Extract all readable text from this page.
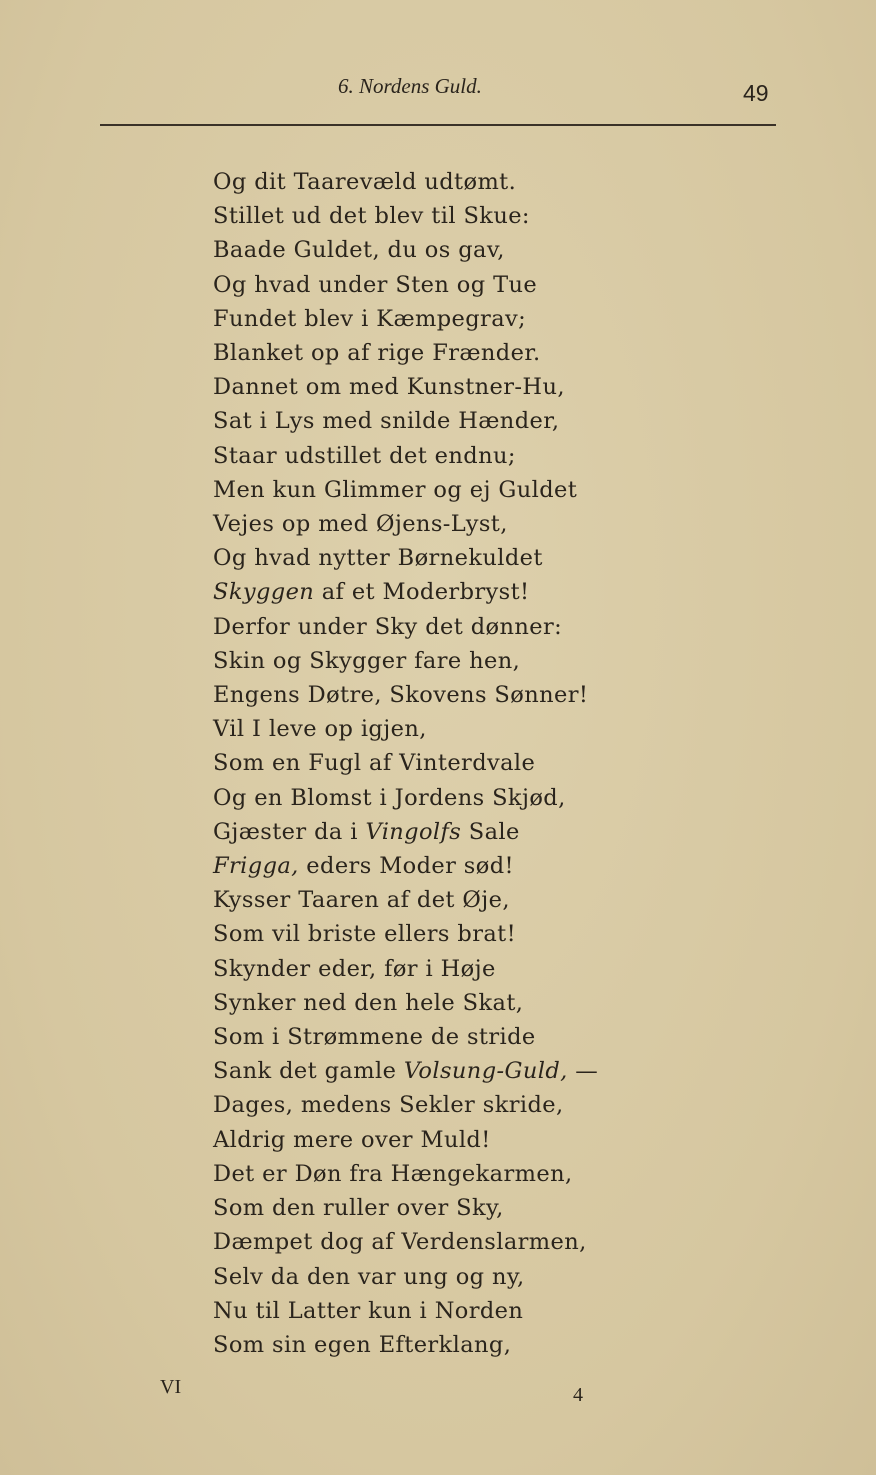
6. Nordens Guld.	49
Og dit Taarevæld udtømt.
Stillet ud det blev til Skue:
Baade Guldet, du os gav,
Og hvad under Sten og Tue
Fundet blev i Kæmpegrav;
Blanket op af rige Frænder.
Dannet om med Kunstner-Hu,
Sat i Lys med snilde Hænder,
Staar udstillet det endnu;
Men kun Glimmer og ej Guldet
Vejes op med Øjens-Lyst,
Og hvad nytter Børnekuldet
Skyggen af et Moderbryst!
Derfor under Sky det dønner:
Skin og Skygger fare hen,
Engens Døtre, Skovens Sønner!
Vil I leve op igjen,
Som en Fugl af Vinterdvale
Og en Blomst i Jordens Skjød,
Gjæster da i Vingolfs Sale
Frigga, eders Moder sød!
Kysser Taaren af det Øje,
Som vil briste ellers brat!
Skynder eder, før i Høje
Synker ned den hele Skat,
Som i Strømmene de stride
Sank det gamle Volsung-Guld, —
Dages, medens Sekler skride,
Aldrig mere over Muld!
Det er Døn fra Hængekarmen,
Som den ruller over Sky,
Dæmpet dog af Verdenslarmen,
Selv da den var ung og ny,
Nu til Latter kun i Norden
Som sin egen Efterklang,
VI	4
